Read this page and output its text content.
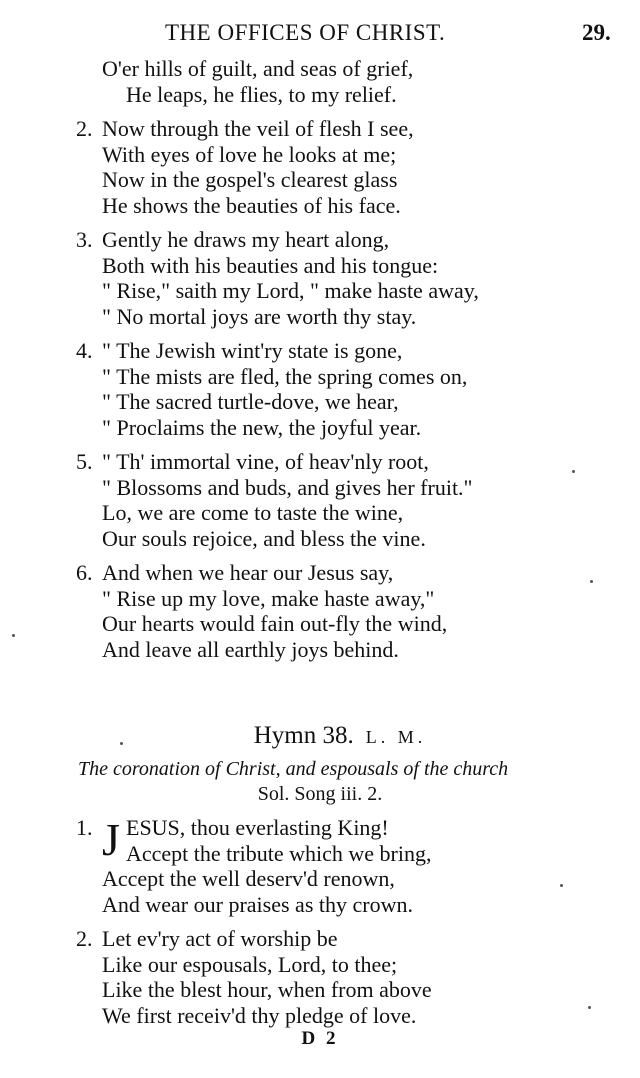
THE OFFICES OF CHRIST.	29.
O'er hills of guilt, and seas of grief,
He leaps, he flies, to my relief.
2. Now through the veil of flesh I see,
With eyes of love he looks at me;
Now in the gospel's clearest glass
He shows the beauties of his face.
3. Gently he draws my heart along,
Both with his beauties and his tongue:
" Rise," saith my Lord, " make haste away,
" No mortal joys are worth thy stay.
4. " The Jewish wint'ry state is gone,
" The mists are fled, the spring comes on,
" The sacred turtle-dove, we hear,
" Proclaims the new, the joyful year.
5. " Th' immortal vine, of heav'nly root,
" Blossoms and buds, and gives her fruit."
Lo, we are come to taste the wine,
Our souls rejoice, and bless the vine.
6. And when we hear our Jesus say,
" Rise up my love, make haste away,"
Our hearts would fain out-fly the wind,
And leave all earthly joys behind.
Hymn 38. L. M.
The coronation of Christ, and espousals of the church
Sol. Song iii. 2.
J
1. ESUS, thou everlasting King!
Accept the tribute which we bring,
Accept the well deserv'd renown,
And wear our praises as thy crown.
2. Let ev'ry act of worship be
Like our espousals, Lord, to thee;
Like the blest hour, when from above
We first receiv'd thy pledge of love.
D 2
